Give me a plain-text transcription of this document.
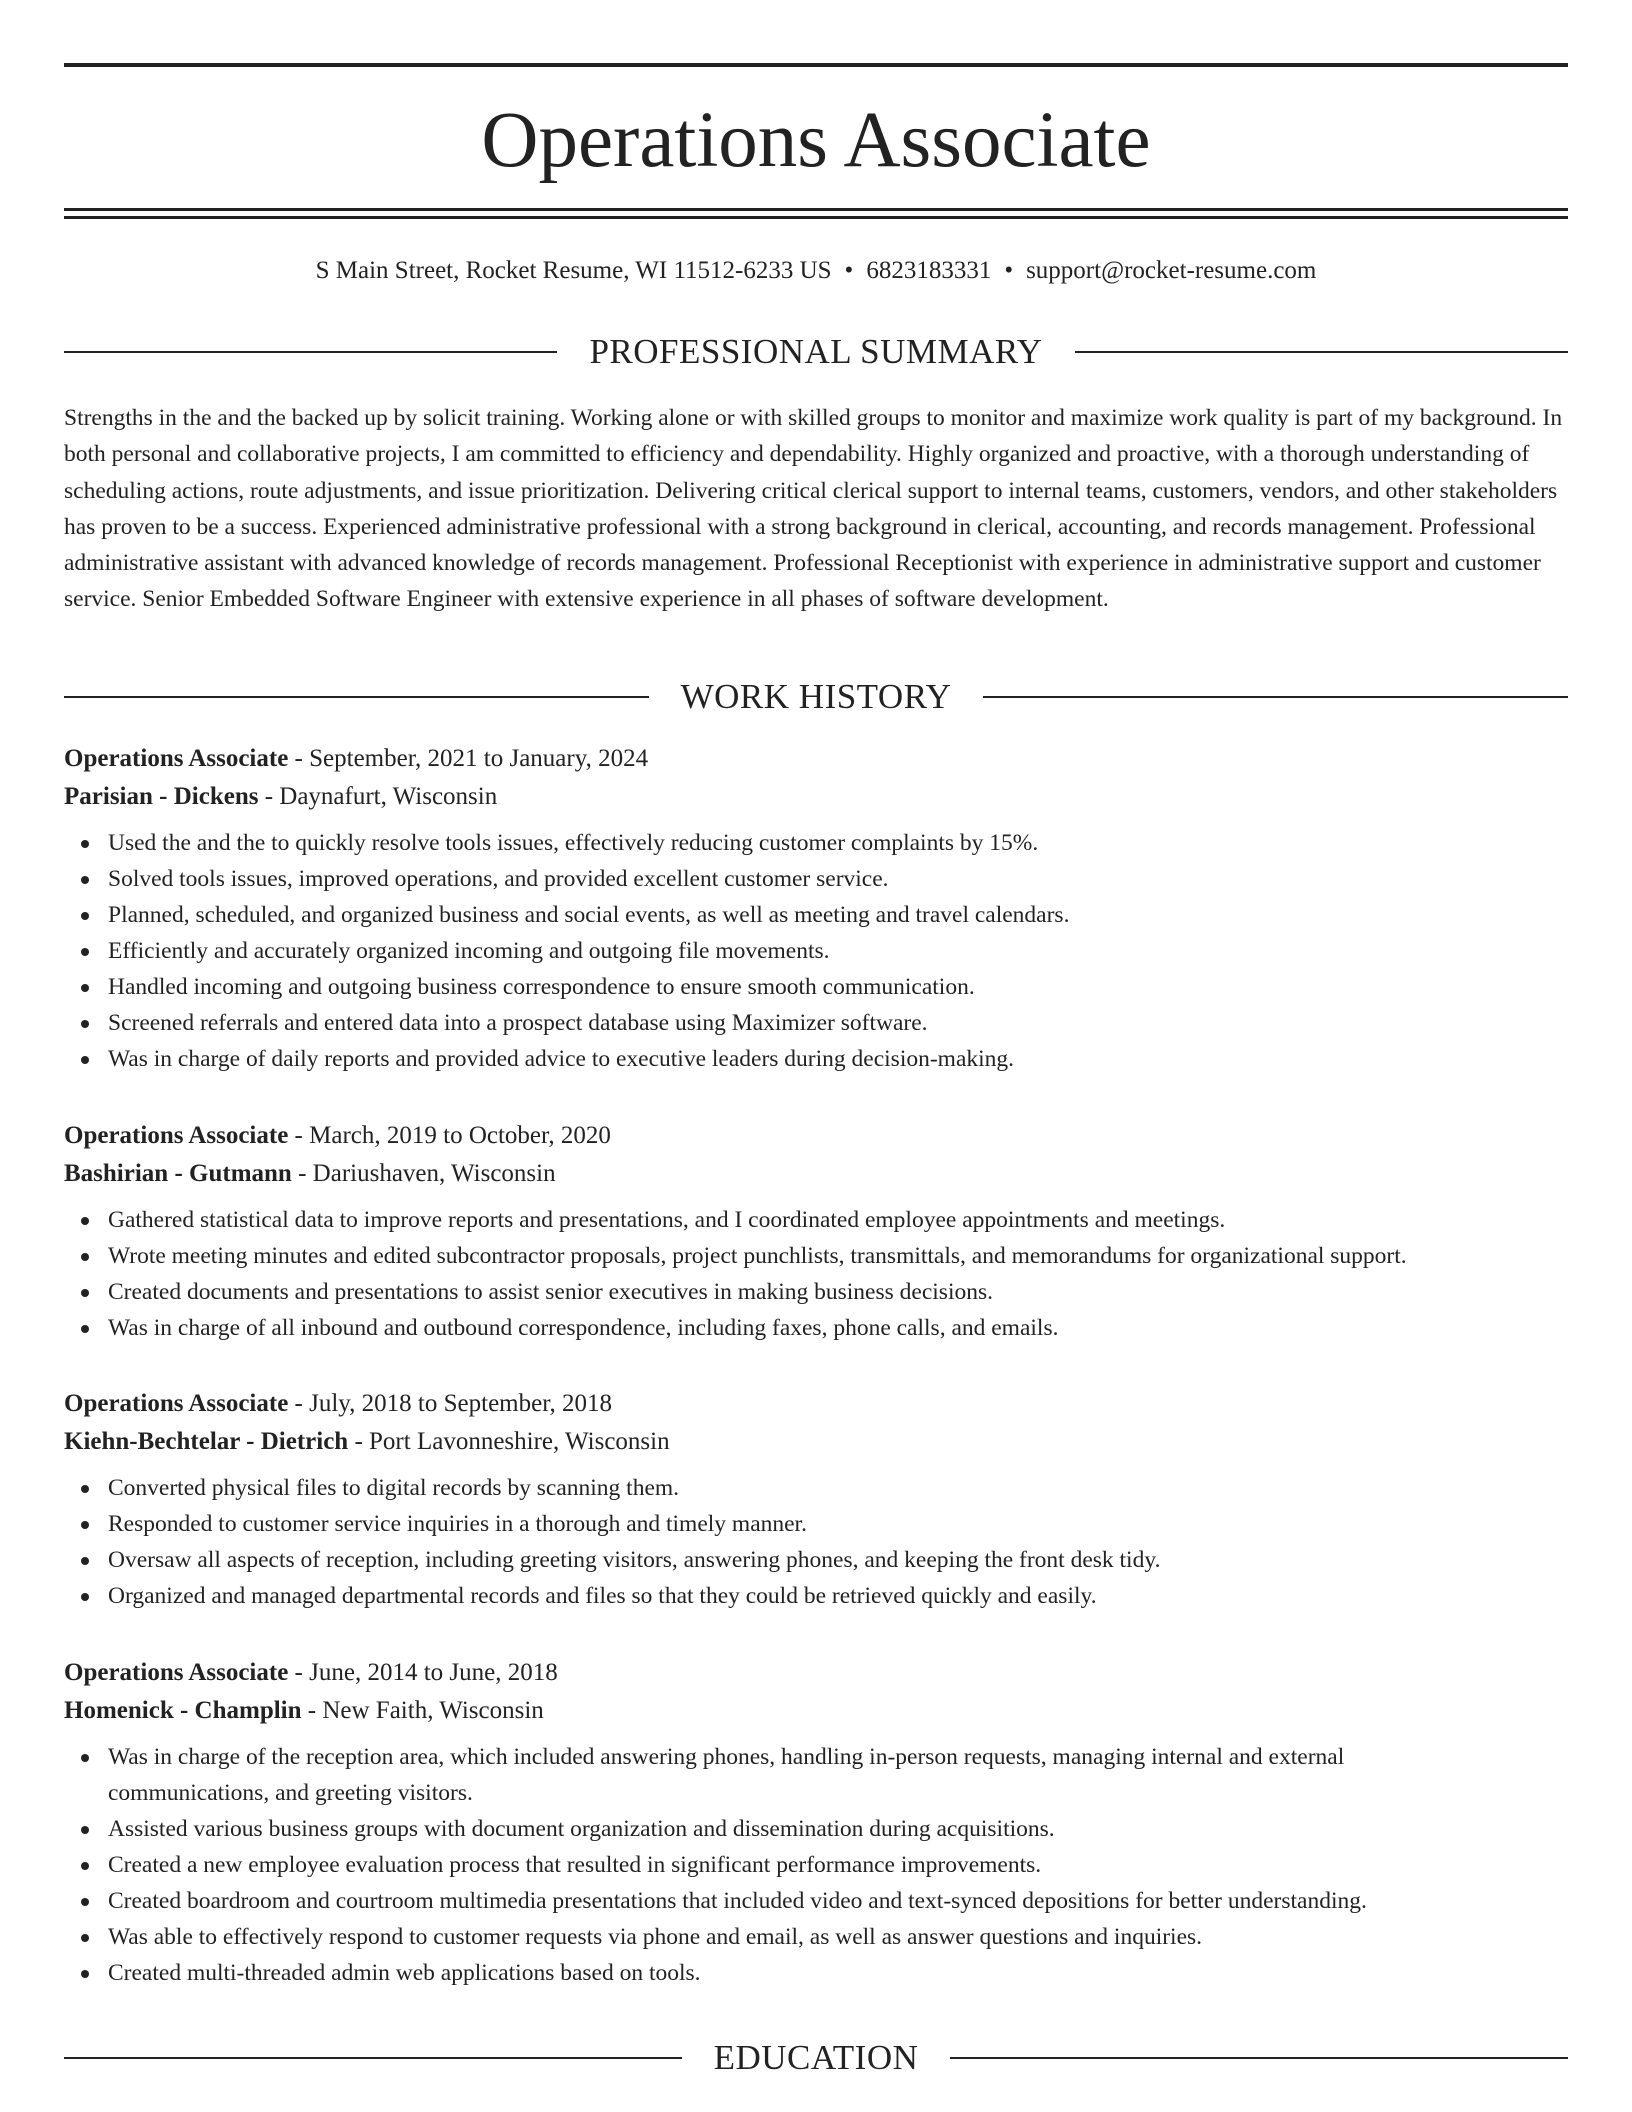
Operations Associate
S Main Street, Rocket Resume, WI 11512-6233 US • 6823183331 • support@rocket-resume.com
PROFESSIONAL SUMMARY

Strengths in the and the backed up by solicit training. Working alone or with skilled groups to monitor and maximize work quality is part of my background. In both personal and collaborative projects, I am committed to efficiency and dependability. Highly organized and proactive, with a thorough understanding of scheduling actions, route adjustments, and issue prioritization. Delivering critical clerical support to internal teams, customers, vendors, and other stakeholders has proven to be a success. Experienced administrative professional with a strong background in clerical, accounting, and records management. Professional administrative assistant with advanced knowledge of records management. Professional Receptionist with experience in administrative support and customer service. Senior Embedded Software Engineer with extensive experience in all phases of software development.

WORK HISTORY

Operations Associate - September, 2021 to January, 2024

Parisian - Dickens - Daynafurt, Wisconsin

Used the and the to quickly resolve tools issues, effectively reducing customer complaints by 15%.
Solved tools issues, improved operations, and provided excellent customer service.
Planned, scheduled, and organized business and social events, as well as meeting and travel calendars.
Efficiently and accurately organized incoming and outgoing file movements.
Handled incoming and outgoing business correspondence to ensure smooth communication.
Screened referrals and entered data into a prospect database using Maximizer software.
Was in charge of daily reports and provided advice to executive leaders during decision-making.

Operations Associate - March, 2019 to October, 2020

Bashirian - Gutmann - Dariushaven, Wisconsin

Gathered statistical data to improve reports and presentations, and I coordinated employee appointments and meetings.
Wrote meeting minutes and edited subcontractor proposals, project punchlists, transmittals, and memorandums for organizational support.
Created documents and presentations to assist senior executives in making business decisions.
Was in charge of all inbound and outbound correspondence, including faxes, phone calls, and emails.

Operations Associate - July, 2018 to September, 2018

Kiehn-Bechtelar - Dietrich - Port Lavonneshire, Wisconsin

Converted physical files to digital records by scanning them.
Responded to customer service inquiries in a thorough and timely manner.
Oversaw all aspects of reception, including greeting visitors, answering phones, and keeping the front desk tidy.
Organized and managed departmental records and files so that they could be retrieved quickly and easily.

Operations Associate - June, 2014 to June, 2018

Homenick - Champlin - New Faith, Wisconsin

Was in charge of the reception area, which included answering phones, handling in-person requests, managing internal and external communications, and greeting visitors.
Assisted various business groups with document organization and dissemination during acquisitions.
Created a new employee evaluation process that resulted in significant performance improvements.
Created boardroom and courtroom multimedia presentations that included video and text-synced depositions for better understanding.
Was able to effectively respond to customer requests via phone and email, as well as answer questions and inquiries.
Created multi-threaded admin web applications based on tools.
EDUCATION
